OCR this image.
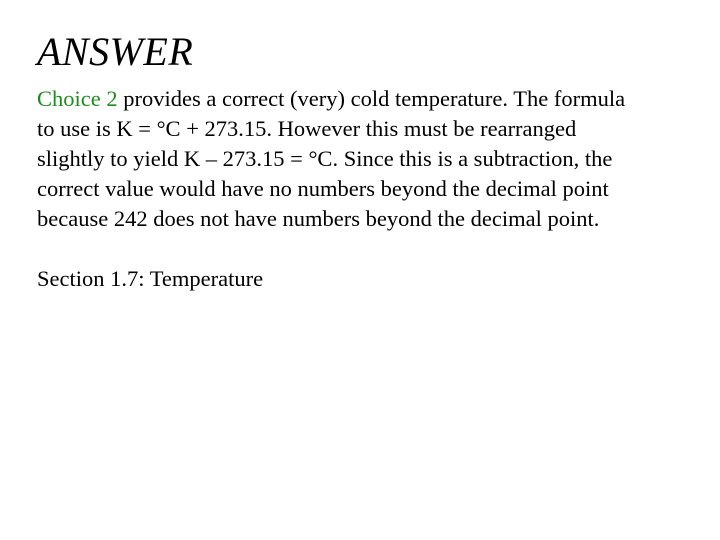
ANSWER

Choice 2 provides a correct (very) cold temperature. The formula
to use is K = °C + 273.15. However this must be rearranged
slightly to yield K – 273.15 = °C. Since this is a subtraction, the
correct value would have no numbers beyond the decimal point
because 242 does not have numbers beyond the decimal point.

Section 1.7: Temperature
